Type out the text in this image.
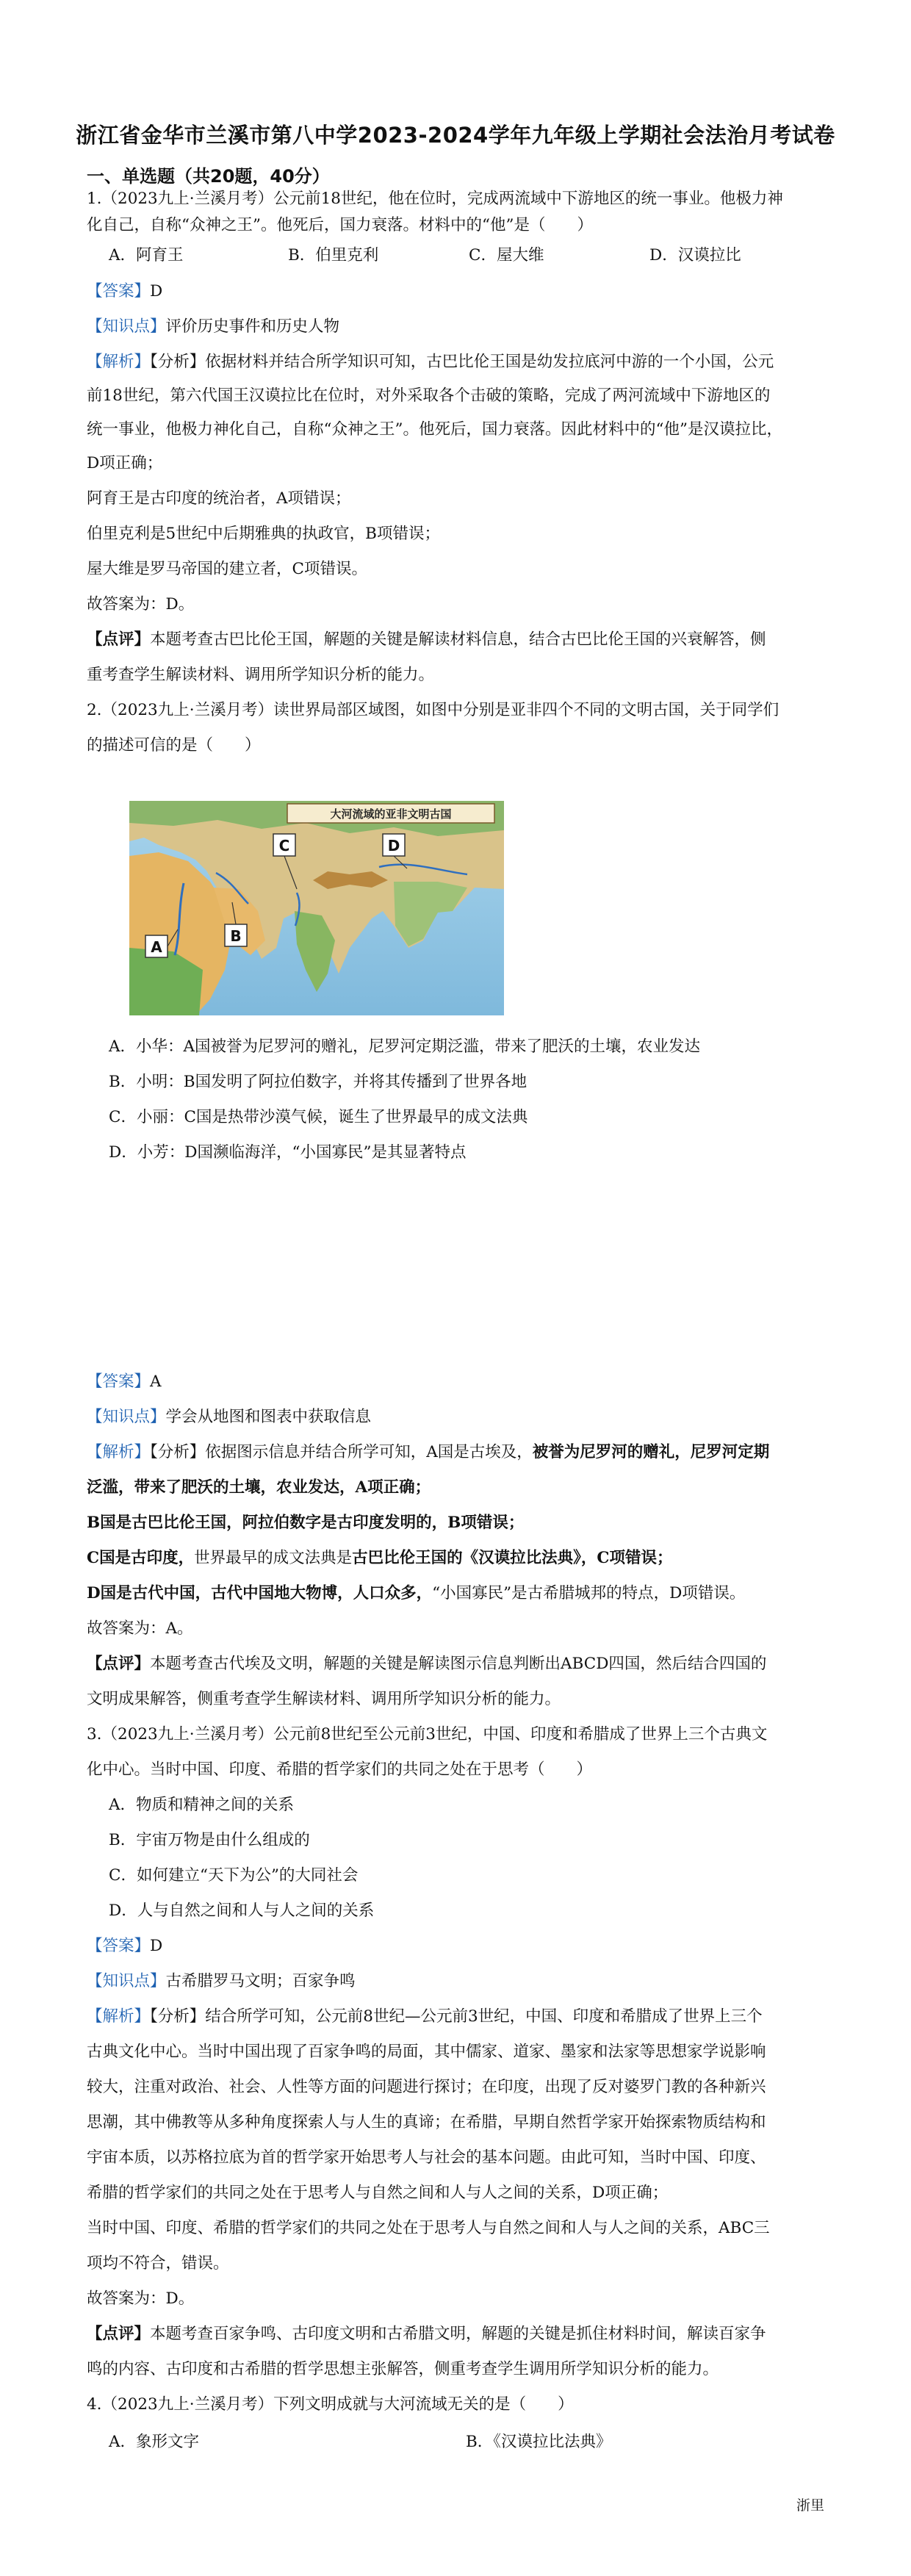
浙江省金华市兰溪市第八中学2023-2024学年九年级上学期社会法治月考试卷
一、单选题（共20题，40分）
1.（2023九上·兰溪月考）公元前18世纪，他在位时，完成两流域中下游地区的统一事业。他极力神
化自己，自称“众神之王”。他死后，国力衰落。材料中的“他”是（　　）
A．阿育王	B．伯里克利	C．屋大维	D．汉谟拉比
【答案】D
【知识点】评价历史事件和历史人物
【解析】【分析】依据材料并结合所学知识可知，古巴比伦王国是幼发拉底河中游的一个小国，公元
前18世纪，第六代国王汉谟拉比在位时，对外采取各个击破的策略，完成了两河流域中下游地区的
统一事业，他极力神化自己，自称“众神之王”。他死后，国力衰落。因此材料中的“他”是汉谟拉比，
D项正确；
阿育王是古印度的统治者，A项错误；
伯里克利是5世纪中后期雅典的执政官，B项错误；
屋大维是罗马帝国的建立者，C项错误。
故答案为：D。
【点评】本题考查古巴比伦王国，解题的关键是解读材料信息，结合古巴比伦王国的兴衰解答，侧
重考查学生解读材料、调用所学知识分析的能力。
2.（2023九上·兰溪月考）读世界局部区域图，如图中分别是亚非四个不同的文明古国，关于同学们
的描述可信的是（　　）
大河流域的亚非文明古国
A
B
C	D
A．小华：A国被誉为尼罗河的赠礼，尼罗河定期泛滥，带来了肥沃的土壤，农业发达
B．小明：B国发明了阿拉伯数字，并将其传播到了世界各地
C．小丽：C国是热带沙漠气候，诞生了世界最早的成文法典
D．小芳：D国濒临海洋，“小国寡民”是其显著特点
【答案】A
【知识点】学会从地图和图表中获取信息
【解析】【分析】依据图示信息并结合所学可知，A国是古埃及，被誉为尼罗河的赠礼，尼罗河定期
泛滥，带来了肥沃的土壤，农业发达，A项正确；
B国是古巴比伦王国，阿拉伯数字是古印度发明的，B项错误；
C国是古印度，世界最早的成文法典是古巴比伦王国的《汉谟拉比法典》，C项错误；
D国是古代中国，古代中国地大物博，人口众多，“小国寡民”是古希腊城邦的特点，D项错误。
故答案为：A。
【点评】本题考查古代埃及文明，解题的关键是解读图示信息判断出ABCD四国，然后结合四国的
文明成果解答，侧重考查学生解读材料、调用所学知识分析的能力。
3.（2023九上·兰溪月考）公元前8世纪至公元前3世纪，中国、印度和希腊成了世界上三个古典文
化中心。当时中国、印度、希腊的哲学家们的共同之处在于思考（　　）
A．物质和精神之间的关系
B．宇宙万物是由什么组成的
C．如何建立“天下为公”的大同社会
D．人与自然之间和人与人之间的关系
【答案】D
【知识点】古希腊罗马文明；百家争鸣
【解析】【分析】结合所学可知，公元前8世纪—公元前3世纪，中国、印度和希腊成了世界上三个
古典文化中心。当时中国出现了百家争鸣的局面，其中儒家、道家、墨家和法家等思想家学说影响
较大，注重对政治、社会、人性等方面的问题进行探讨；在印度，出现了反对婆罗门教的各种新兴
思潮，其中佛教等从多种角度探索人与人生的真谛；在希腊，早期自然哲学家开始探索物质结构和
宇宙本质，以苏格拉底为首的哲学家开始思考人与社会的基本问题。由此可知，当时中国、印度、
希腊的哲学家们的共同之处在于思考人与自然之间和人与人之间的关系，D项正确；
当时中国、印度、希腊的哲学家们的共同之处在于思考人与自然之间和人与人之间的关系，ABC三
项均不符合，错误。
故答案为：D。
【点评】本题考查百家争鸣、古印度文明和古希腊文明，解题的关键是抓住材料时间，解读百家争
鸣的内容、古印度和古希腊的哲学思想主张解答，侧重考查学生调用所学知识分析的能力。
4.（2023九上·兰溪月考）下列文明成就与大河流域无关的是（　　）
A．象形文字	B．《汉谟拉比法典》
浙里
